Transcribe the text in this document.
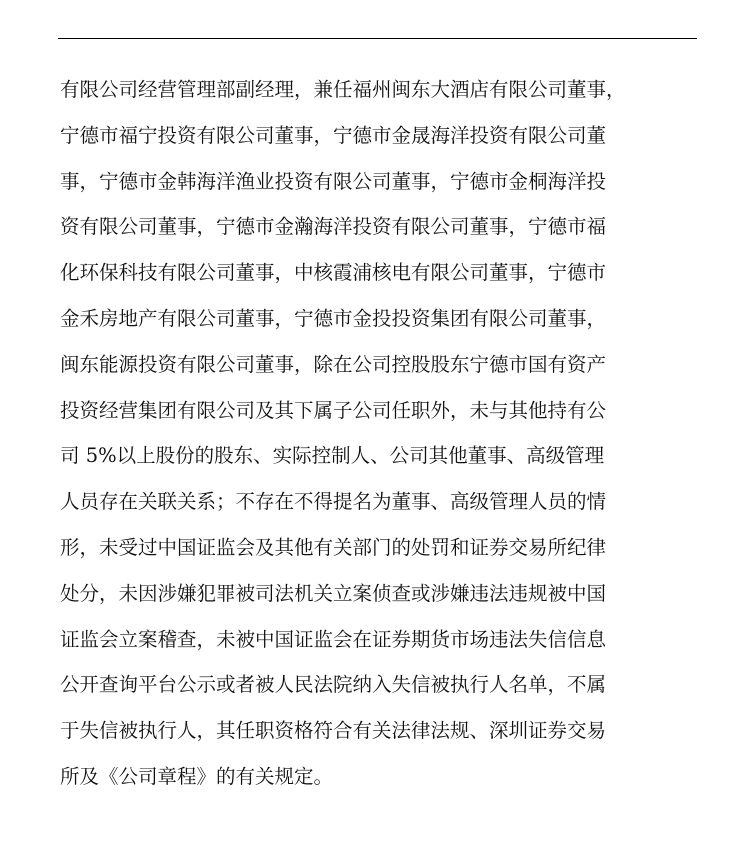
有限公司经营管理部副经理，兼任福州闽东大酒店有限公司董事，
宁德市福宁投资有限公司董事，宁德市金晟海洋投资有限公司董
事，宁德市金韩海洋渔业投资有限公司董事，宁德市金桐海洋投
资有限公司董事，宁德市金瀚海洋投资有限公司董事，宁德市福
化环保科技有限公司董事，中核霞浦核电有限公司董事，宁德市
金禾房地产有限公司董事，宁德市金投投资集团有限公司董事，
闽东能源投资有限公司董事，除在公司控股股东宁德市国有资产
投资经营集团有限公司及其下属子公司任职外，未与其他持有公
司 5%以上股份的股东、实际控制人、公司其他董事、高级管理
人员存在关联关系；不存在不得提名为董事、高级管理人员的情
形，未受过中国证监会及其他有关部门的处罚和证券交易所纪律
处分，未因涉嫌犯罪被司法机关立案侦查或涉嫌违法违规被中国
证监会立案稽查，未被中国证监会在证券期货市场违法失信信息
公开查询平台公示或者被人民法院纳入失信被执行人名单，不属
于失信被执行人，其任职资格符合有关法律法规、深圳证券交易
所及《公司章程》的有关规定。
